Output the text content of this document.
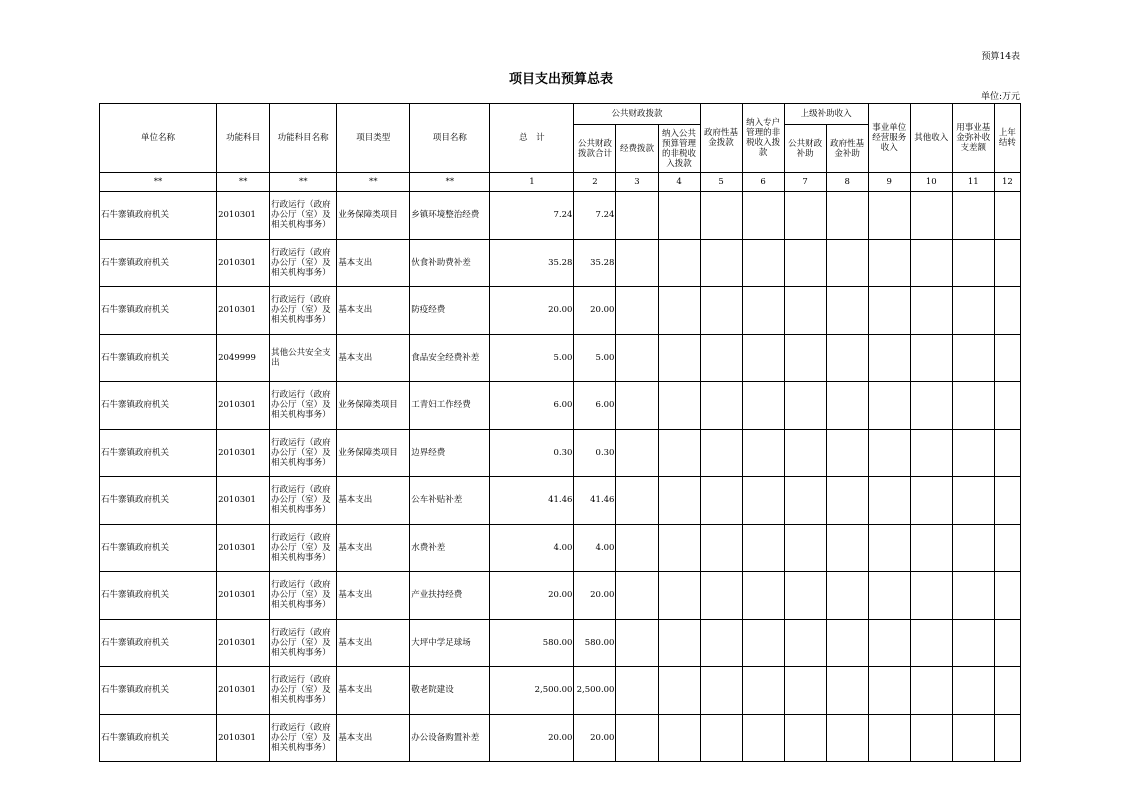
预算14表
项目支出预算总表
单位:万元
单位名称	功能科目	功能科目名称	项目类型	项目名称	总　计	公共财政拨款			政府性基金拨款	纳入专户管理的非税收入拨款	上级补助收入		事业单位经营服务收入	其他收入	用事业基金弥补收支差额	上年结转
						公共财政拨款合计	经费拨款	纳入公共预算管理的非税收入拨款			公共财政补助	政府性基金补助				
**	**	**	**	**	1	2	3	4	5	6	7	8	9	10	11	12
石牛寨镇政府机关	2010301	行政运行（政府办公厅（室）及相关机构事务）	业务保障类项目	乡镇环境整治经费	7.24	7.24										
石牛寨镇政府机关	2010301	行政运行（政府办公厅（室）及相关机构事务）	基本支出	伙食补助费补差	35.28	35.28										
石牛寨镇政府机关	2010301	行政运行（政府办公厅（室）及相关机构事务）	基本支出	防疫经费	20.00	20.00										
石牛寨镇政府机关	2049999	其他公共安全支出	基本支出	食品安全经费补差	5.00	5.00										
石牛寨镇政府机关	2010301	行政运行（政府办公厅（室）及相关机构事务）	业务保障类项目	工青妇工作经费	6.00	6.00										
石牛寨镇政府机关	2010301	行政运行（政府办公厅（室）及相关机构事务）	业务保障类项目	边界经费	0.30	0.30										
石牛寨镇政府机关	2010301	行政运行（政府办公厅（室）及相关机构事务）	基本支出	公车补贴补差	41.46	41.46										
石牛寨镇政府机关	2010301	行政运行（政府办公厅（室）及相关机构事务）	基本支出	水费补差	4.00	4.00										
石牛寨镇政府机关	2010301	行政运行（政府办公厅（室）及相关机构事务）	基本支出	产业扶持经费	20.00	20.00										
石牛寨镇政府机关	2010301	行政运行（政府办公厅（室）及相关机构事务）	基本支出	大坪中学足球场	580.00	580.00										
石牛寨镇政府机关	2010301	行政运行（政府办公厅（室）及相关机构事务）	基本支出	敬老院建设	2,500.00	2,500.00										
石牛寨镇政府机关	2010301	行政运行（政府办公厅（室）及相关机构事务）	基本支出	办公设备购置补差	20.00	20.00										
